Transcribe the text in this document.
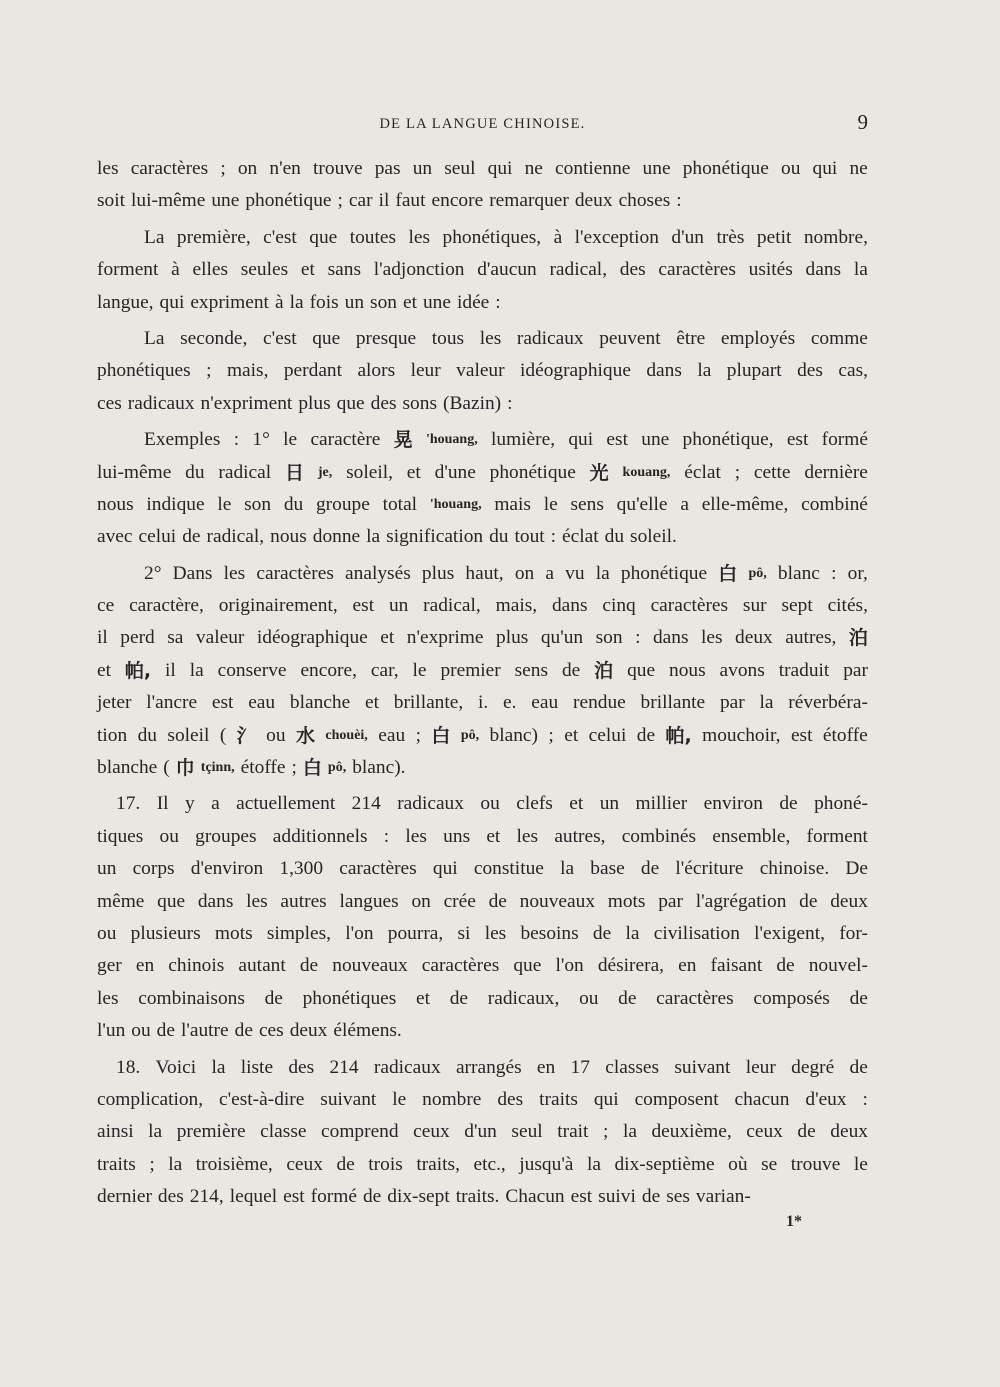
DE LA LANGUE CHINOISE.	9
les caractères ; on n'en trouve pas un seul qui ne contienne une phonétique ou qui ne
soit lui-même une phonétique ; car il faut encore remarquer deux choses :
La première, c'est que toutes les phonétiques, à l'exception d'un très petit nombre,
forment à elles seules et sans l'adjonction d'aucun radical, des caractères usités dans la
langue, qui expriment à la fois un son et une idée :
La seconde, c'est que presque tous les radicaux peuvent être employés comme
phonétiques ; mais, perdant alors leur valeur idéographique dans la plupart des cas,
ces radicaux n'expriment plus que des sons (Bazin) :
Exemples : 1° le caractère 晃 'houang, lumière, qui est une phonétique, est formé
lui-même du radical 日 je, soleil, et d'une phonétique 光 kouang, éclat ; cette dernière
nous indique le son du groupe total 'houang, mais le sens qu'elle a elle-même, combiné
avec celui de radical, nous donne la signification du tout : éclat du soleil.
2° Dans les caractères analysés plus haut, on a vu la phonétique 白 pô, blanc : or,
ce caractère, originairement, est un radical, mais, dans cinq caractères sur sept cités,
il perd sa valeur idéographique et n'exprime plus qu'un son : dans les deux autres, 泊
et 帕, il la conserve encore, car, le premier sens de 泊 que nous avons traduit par
jeter l'ancre est eau blanche et brillante, i. e. eau rendue brillante par la réverbéra-
tion du soleil ( 氵 ou 水 chouèi, eau ; 白 pô, blanc) ; et celui de 帕, mouchoir, est étoffe
blanche ( 巾 tçinn, étoffe ; 白 pô, blanc).
17. Il y a actuellement 214 radicaux ou clefs et un millier environ de phoné-
tiques ou groupes additionnels : les uns et les autres, combinés ensemble, forment
un corps d'environ 1,300 caractères qui constitue la base de l'écriture chinoise. De
même que dans les autres langues on crée de nouveaux mots par l'agrégation de deux
ou plusieurs mots simples, l'on pourra, si les besoins de la civilisation l'exigent, for-
ger en chinois autant de nouveaux caractères que l'on désirera, en faisant de nouvel-
les combinaisons de phonétiques et de radicaux, ou de caractères composés de
l'un ou de l'autre de ces deux élémens.
18. Voici la liste des 214 radicaux arrangés en 17 classes suivant leur degré de
complication, c'est-à-dire suivant le nombre des traits qui composent chacun d'eux :
ainsi la première classe comprend ceux d'un seul trait ; la deuxième, ceux de deux
traits ; la troisième, ceux de trois traits, etc., jusqu'à la dix-septième où se trouve le
dernier des 214, lequel est formé de dix-sept traits. Chacun est suivi de ses varian-
1*
